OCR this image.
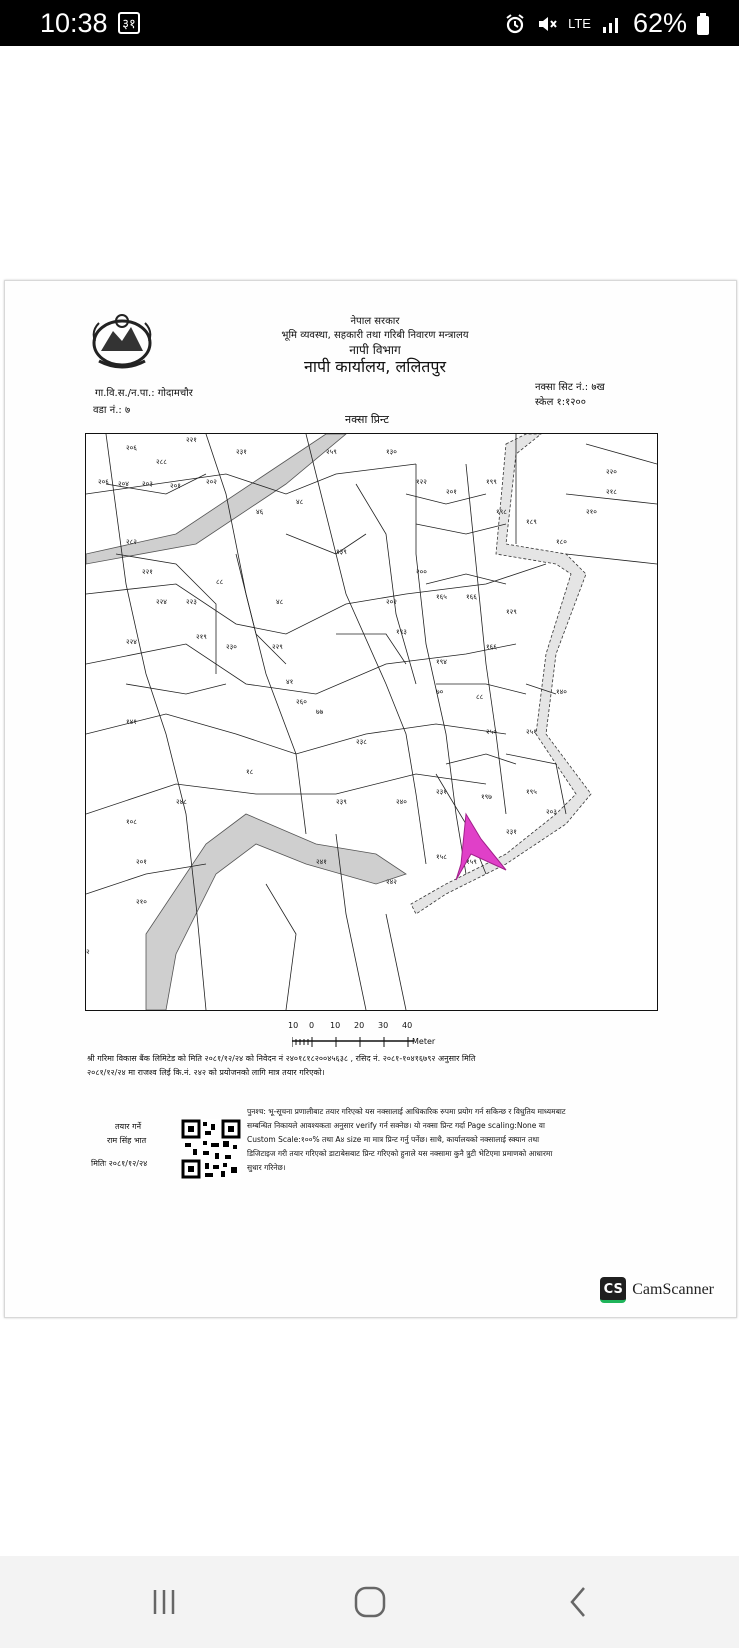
10:38	३१	LTE 62%
नेपाल सरकार
भूमि व्यवस्था, सहकारी तथा गरिबी निवारण मन्त्रालय
नापी विभाग
नापी कार्यालय, ललितपुर
गा.वि.स./न.पा.: गोदामचौर
वडा नं.: ७
नक्सा सिट नं.: ७ख
स्केल १:१२००
नक्सा प्रिन्ट
२२१
२०६
२०६ २०४ २०३ २०१	२०२
२३१
२८८
२८२
२२१
२२४	२२३
२२४
२१९
२३०	२२९
४१
२६०
४८
४६
४८
२५९	१३०
१२२
२०१
१९९
१९८
१८९
१८०
२२०
२१८
२१०
२००
१६५	१६६
१६६
१९४
७०
८८
२५०	२५१
२३८
७७
१८
२४८
१०८
२०१
२१०
२३९	२४०
२३१
१९७
१९५
२०३
१५८
१५९
२३१
२४१
२४२
१४१
८८
२०२
१९३
१२९
१४०
१३९
२
10 0 10 20 30 40
Meter
श्री गरिमा विकास बैंक लिमिटेड को मिति २०८१/१२/२४ को निवेदन नं २४०१८१८२००४५६३८ , रसिद नं. २०८१-१०४१६७९२ अनुसार मिति
२०८१/१२/२४ मा राजश्व लिई कि.नं. २४२ को प्रयोजनको लागि मात्र तयार गरिएको।
तयार गर्ने
राम सिंह भात
मितिः २०८१/१२/२४
पुनश्च: भू-सूचना प्रणालीबाट तयार गरिएको यस नक्सालाई आधिकारिक रुपमा प्रयोग गर्न सकिन्छ र विधुतिय माध्यमबाट
सम्बन्धित निकायले आवश्यकता अनुसार verify गर्न सक्नेछ। यो नक्सा प्रिन्ट गर्दा Page scaling:None वा
Custom Scale:१००% तथा A४ size मा मात्र प्रिन्ट गर्नु पर्नेछ। साथै, कार्यालयको नक्सालाई स्क्यान तथा
डिजिटाइज गरी तयार गरिएको डाटाबेसबाट प्रिन्ट गरिएको हुनाले यस नक्सामा कुनै त्रुटी भेटिएमा प्रमाणको आधारमा
सुधार गरिनेछ।
CS CamScanner
